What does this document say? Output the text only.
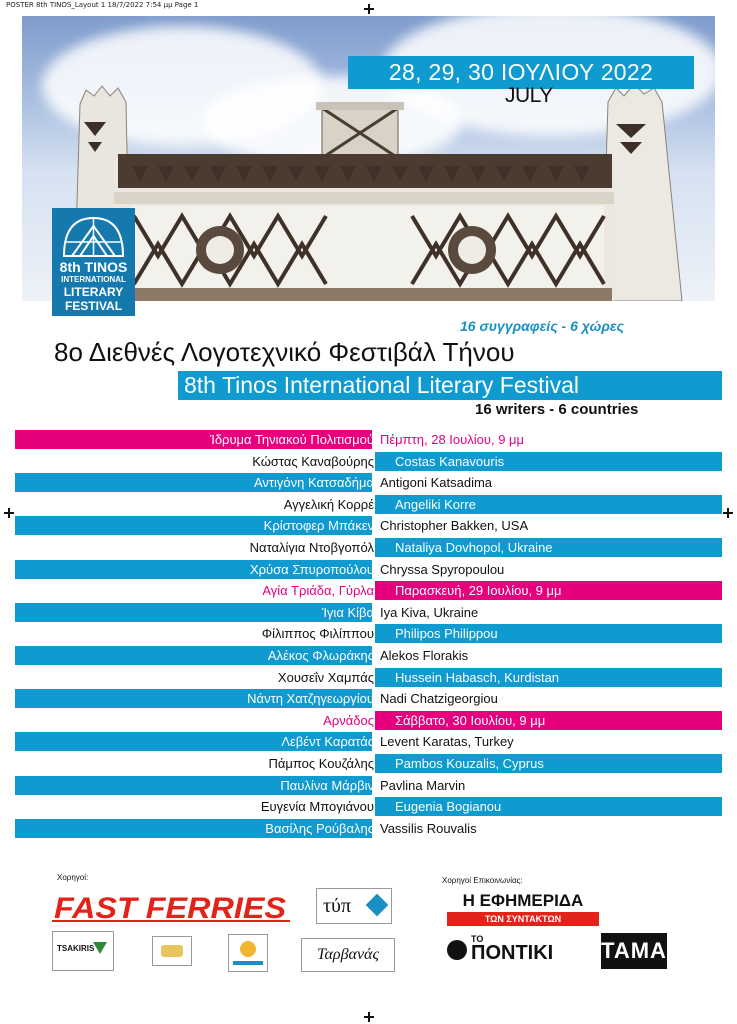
POSTER 8th TINOS_Layout 1 18/7/2022 7:54 μμ Page 1
28, 29, 30 ΙΟΥΛΙΟΥ 2022
JULY
8th TINOS
INTERNATIONAL
LITERARY
FESTIVAL
16 συγγραφείς - 6 χώρες
8ο Διεθνές Λογοτεχνικό Φεστιβάλ Τήνου
8th Tinos International Literary Festival
16 writers - 6 countries
Ίδρυμα Τηνιακού Πολιτισμού Πέμπτη, 28 Ιουλίου, 9 μμ
Κώστας Καναβούρης Costas Kanavouris
Αντιγόνη Κατσαδήμα Antigoni Katsadima
Αγγελική Κορρέ Angeliki Korre
Κρίστοφερ Μπάκεν Christopher Bakken, USA
Ναταλίγια Ντοβγοπόλ Nataliya Dovhopol, Ukraine
Χρύσα Σπυροπούλου Chryssa Spyropoulou
Αγία Τριάδα, Γύρλα Παρασκευή, 29 Ιουλίου, 9 μμ
Ίγια Κίβα Iya Kiva, Ukraine
Φίλιππος Φιλίππου Philipos Philippou
Αλέκος Φλωράκης Alekos Florakis
Χουσεΐν Χαμπάς Hussein Habasch, Kurdistan
Νάντη Χατζηγεωργίου Nadi Chatzigeorgiou
Αρνάδος Σάββατο, 30 Ιουλίου, 9 μμ
Λεβέντ Καρατάς Levent Karatas, Turkey
Πάμπος Κουζάλης Pambos Kouzalis, Cyprus
Παυλίνα Μάρβιν Pavlina Marvin
Ευγενία Μπογιάνου Eugenia Bogianou
Βασίλης Ρούβαλης Vassilis Rouvalis
Χορηγοί:
FAST FERRIES τύπ
TSAKIRIS	Ταρβανάς
Χορηγοί Επικοινωνίας:
Η ΕΦΗΜΕΡΙΔΑ
ΤΩΝ ΣΥΝΤΑΚΤΩΝ
ΤΟ
ΠΟΝΤΙΚΙ ΤΑΜΑ
